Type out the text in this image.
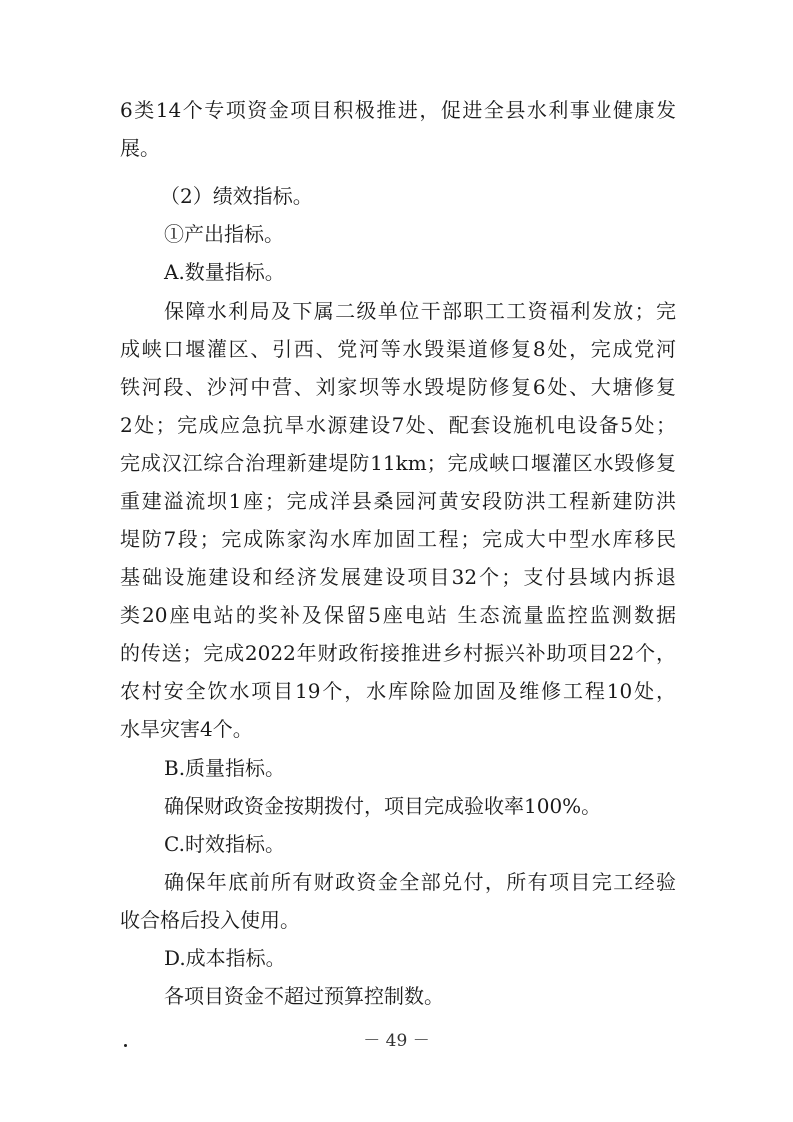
6类14个专项资金项目积极推进，促进全县水利事业健康发
展。
（2）绩效指标。
①产出指标。
A.数量指标。
保障水利局及下属二级单位干部职工工资福利发放；完
成峡口堰灌区、引西、党河等水毁渠道修复8处，完成党河
铁河段、沙河中营、刘家坝等水毁堤防修复6处、大塘修复
2处；完成应急抗旱水源建设7处、配套设施机电设备5处；
完成汉江综合治理新建堤防11km；完成峡口堰灌区水毁修复
重建溢流坝1座；完成洋县桑园河黄安段防洪工程新建防洪
堤防7段；完成陈家沟水库加固工程；完成大中型水库移民
基础设施建设和经济发展建设项目32个；支付县域内拆退
类20座电站的奖补及保留5座电站 生态流量监控监测数据
的传送；完成2022年财政衔接推进乡村振兴补助项目22个，
农村安全饮水项目19个，水库除险加固及维修工程10处，
水旱灾害4个。
B.质量指标。
确保财政资金按期拨付，项目完成验收率100%。
C.时效指标。
确保年底前所有财政资金全部兑付，所有项目完工经验
收合格后投入使用。
D.成本指标。
各项目资金不超过预算控制数。
－ 49 －
